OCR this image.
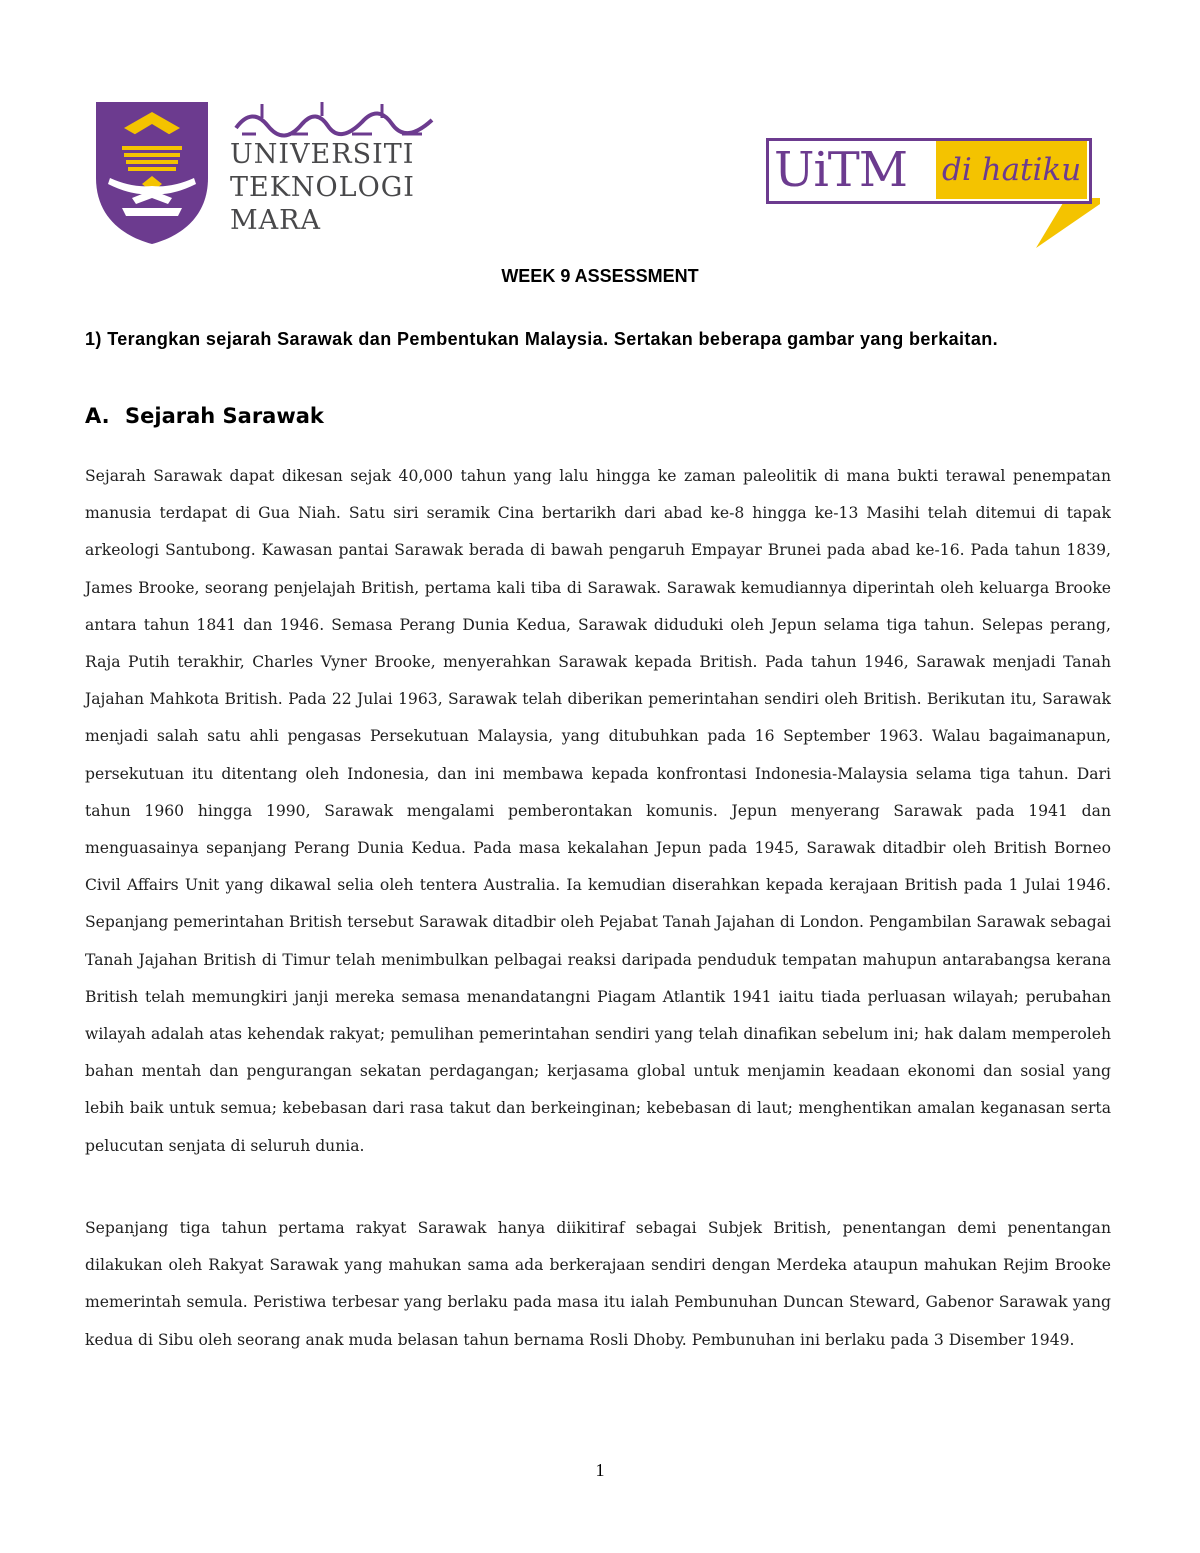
UNIVERSITI
TEKNOLOGI
MARA
UiTM di hatiku
WEEK 9 ASSESSMENT
1) Terangkan sejarah Sarawak dan Pembentukan Malaysia. Sertakan beberapa gambar yang berkaitan.
A. Sejarah Sarawak

Sejarah Sarawak dapat dikesan sejak 40,000 tahun yang lalu hingga ke zaman paleolitik di mana bukti terawal penempatan manusia terdapat di Gua Niah. Satu siri seramik Cina bertarikh dari abad ke-8 hingga ke-13 Masihi telah ditemui di tapak arkeologi Santubong. Kawasan pantai Sarawak berada di bawah pengaruh Empayar Brunei pada abad ke-16. Pada tahun 1839, James Brooke, seorang penjelajah British, pertama kali tiba di Sarawak. Sarawak kemudiannya diperintah oleh keluarga Brooke antara tahun 1841 dan 1946. Semasa Perang Dunia Kedua, Sarawak diduduki oleh Jepun selama tiga tahun. Selepas perang, Raja Putih terakhir, Charles Vyner Brooke, menyerahkan Sarawak kepada British. Pada tahun 1946, Sarawak menjadi Tanah Jajahan Mahkota British. Pada 22 Julai 1963, Sarawak telah diberikan pemerintahan sendiri oleh British. Berikutan itu, Sarawak menjadi salah satu ahli pengasas Persekutuan Malaysia, yang ditubuhkan pada 16 September 1963. Walau bagaimanapun, persekutuan itu ditentang oleh Indonesia, dan ini membawa kepada konfrontasi Indonesia-Malaysia selama tiga tahun. Dari tahun 1960 hingga 1990, Sarawak mengalami pemberontakan komunis. Jepun menyerang Sarawak pada 1941 dan menguasainya sepanjang Perang Dunia Kedua. Pada masa kekalahan Jepun pada 1945, Sarawak ditadbir oleh British Borneo Civil Affairs Unit yang dikawal selia oleh tentera Australia. Ia kemudian diserahkan kepada kerajaan British pada 1 Julai 1946. Sepanjang pemerintahan British tersebut Sarawak ditadbir oleh Pejabat Tanah Jajahan di London. Pengambilan Sarawak sebagai Tanah Jajahan British di Timur telah menimbulkan pelbagai reaksi daripada penduduk tempatan mahupun antarabangsa kerana British telah memungkiri janji mereka semasa menandatangni Piagam Atlantik 1941 iaitu tiada perluasan wilayah; perubahan wilayah adalah atas kehendak rakyat; pemulihan pemerintahan sendiri yang telah dinafikan sebelum ini; hak dalam memperoleh bahan mentah dan pengurangan sekatan perdagangan; kerjasama global untuk menjamin keadaan ekonomi dan sosial yang lebih baik untuk semua; kebebasan dari rasa takut dan berkeinginan; kebebasan di laut; menghentikan amalan keganasan serta pelucutan senjata di seluruh dunia.

Sepanjang tiga tahun pertama rakyat Sarawak hanya diikitiraf sebagai Subjek British, penentangan demi penentangan dilakukan oleh Rakyat Sarawak yang mahukan sama ada berkerajaan sendiri dengan Merdeka ataupun mahukan Rejim Brooke memerintah semula. Peristiwa terbesar yang berlaku pada masa itu ialah Pembunuhan Duncan Steward, Gabenor Sarawak yang kedua di Sibu oleh seorang anak muda belasan tahun bernama Rosli Dhoby. Pembunuhan ini berlaku pada 3 Disember 1949.

1
